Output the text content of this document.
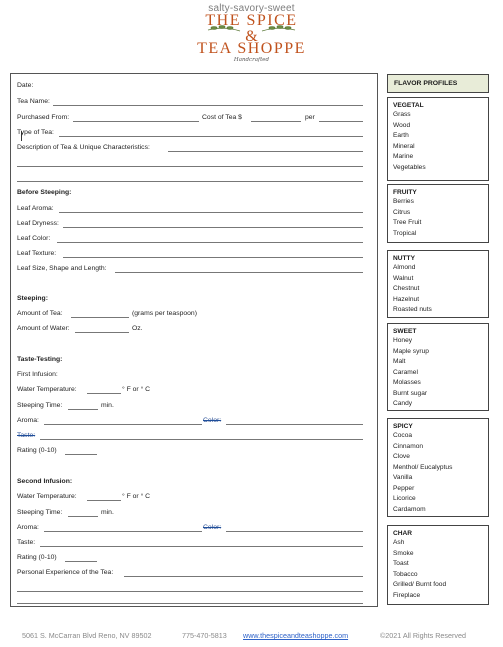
salty-savory-sweet
THE SPICE
&
TEA SHOPPE
Handcrafted
Date:
Tea Name:
Purchased From:	Cost of Tea $	per
Type of Tea:
Description of Tea & Unique Characteristics:
Before Steeping:
Leaf Aroma:
Leaf Dryness:
Leaf Color:
Leaf Texture:
Leaf Size, Shape and Length:
Steeping:
Amount of Tea:	(grams per teaspoon)
Amount of Water:	Oz.
Taste-Testing:
First Infusion:
Water Temperature:	° F or ° C
Steeping Time:	min.
Aroma:	Color:
Taste:
Rating (0-10)
Second Infusion:
Water Temperature:	° F or ° C
Steeping Time:	min.
Aroma:	Color:
Taste:
Rating (0-10)
Personal Experience of the Tea:
FLAVOR PROFILES
VEGETAL
Grass
Wood
Earth
Mineral
Marine
Vegetables
FRUITY
Berries
Citrus
Tree Fruit
Tropical
NUTTY
Almond
Walnut
Chestnut
Hazelnut
Roasted nuts
SWEET
Honey
Maple syrup
Malt
Caramel
Molasses
Burnt sugar
Candy
SPICY
Cocoa
Cinnamon
Clove
Menthol/ Eucalyptus
Vanilla
Pepper
Licorice
Cardamom
CHAR
Ash
Smoke
Toast
Tobacco
Grilled/ Burnt food
Fireplace
5061 S. McCarran Blvd Reno, NV 89502	775-470-5813 www.thespiceandteashoppe.com	©2021 All Rights Reserved
